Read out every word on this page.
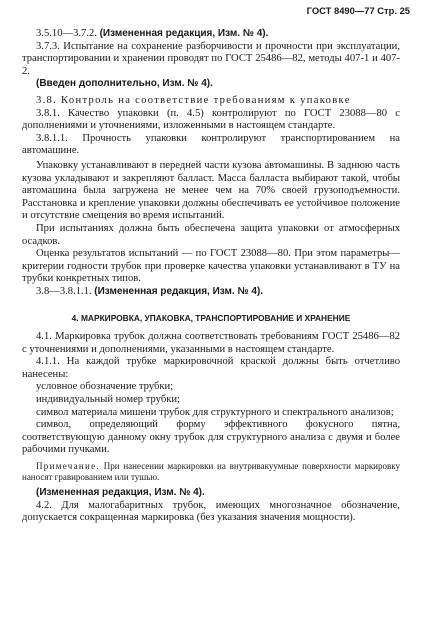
ГОСТ 8490—77 Стр. 25

3.5.10—3.7.2. (Измененная редакция, Изм. № 4).

3.7.3. Испытание на сохранение разборчивости и прочности при эксплуатации, транспортировании и хранении проводят по ГОСТ 25486—82, методы 407-1 и 407-2.

(Введен дополнительно, Изм. № 4).

3.8. Контроль на соответствие требованиям к упаковке

3.8.1. Качество упаковки (п. 4.5) контролируют по ГОСТ 23088—80 с дополнениями и уточнениями, изложенными в настоящем стандарте.

3.8.1.1. Прочность упаковки контролируют транспортированием на автомашине.

Упаковку устанавливают в передней части кузова автомашины. В заднюю часть кузова укладывают и закрепляют балласт. Масса балласта выбирают такой, чтобы автомашина была загружена не менее чем на 70% своей грузоподъемности. Расстановка и крепление упаковки должны обеспечивать ее устойчивое положение и отсутствие смещения во время испытаний.

При испытаниях должна быть обеспечена защита упаковки от атмосферных осадков.

Оценка результатов испытаний — по ГОСТ 23088—80. При этом параметры—критерии годности трубок при проверке качества упаковки устанавливают в ТУ на трубки конкретных типов.

3.8—3.8.1.1. (Измененная редакция, Изм. № 4).

4. МАРКИРОВКА, УПАКОВКА, ТРАНСПОРТИРОВАНИЕ И ХРАНЕНИЕ

4.1. Маркировка трубок должна соответствовать требованиям ГОСТ 25486—82 с уточнениями и дополнениями, указанными в настоящем стандарте.

4.1.1. На каждой трубке маркировочной краской должны быть отчетливо нанесены:

условное обозначение трубки;

индивидуальный номер трубки;

символ материала мишени трубок для структурного и спектрального анализов;

символ, определяющий форму эффективного фокусного пятна, соответствующую данному окну трубок для структурного анализа с двумя и более рабочими пучками.

Примечание. При нанесении маркировки на внутривакуумные поверхности маркировку наносят гравированием или тушью.

(Измененная редакция, Изм. № 4).

4.2. Для малогабаритных трубок, имеющих многозначное обозначение, допускается сокращенная маркировка (без указания значения мощности).
